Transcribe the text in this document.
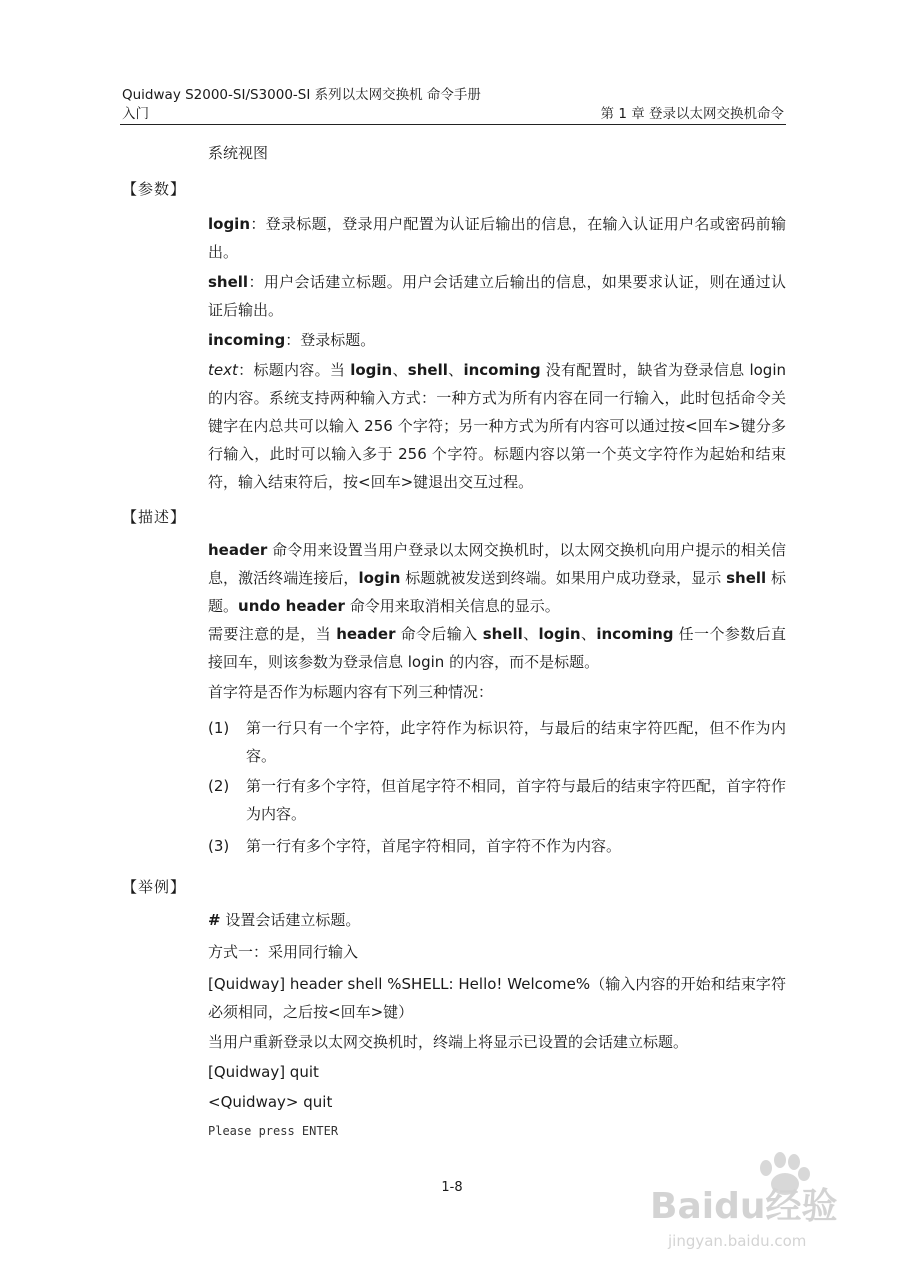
Quidway S2000-SI/S3000-SI 系列以太网交换机 命令手册
入门	第 1 章 登录以太网交换机命令
系统视图
【参数】
login：登录标题，登录用户配置为认证后输出的信息，在输入认证用户名或密码前输出。
shell：用户会话建立标题。用户会话建立后输出的信息，如果要求认证，则在通过认证后输出。
incoming：登录标题。
text：标题内容。当 login、shell、incoming 没有配置时，缺省为登录信息 login 的内容。系统支持两种输入方式：一种方式为所有内容在同一行输入，此时包括命令关键字在内总共可以输入 256 个字符；另一种方式为所有内容可以通过按<回车>键分多行输入，此时可以输入多于 256 个字符。标题内容以第一个英文字符作为起始和结束符，输入结束符后，按<回车>键退出交互过程。
【描述】
header 命令用来设置当用户登录以太网交换机时，以太网交换机向用户提示的相关信息，激活终端连接后，login 标题就被发送到终端。如果用户成功登录，显示 shell 标题。undo header 命令用来取消相关信息的显示。
需要注意的是，当 header 命令后输入 shell、login、incoming 任一个参数后直接回车，则该参数为登录信息 login 的内容，而不是标题。
首字符是否作为标题内容有下列三种情况：
(1) 第一行只有一个字符，此字符作为标识符，与最后的结束字符匹配，但不作为内容。
(2) 第一行有多个字符，但首尾字符不相同，首字符与最后的结束字符匹配，首字符作为内容。
(3) 第一行有多个字符，首尾字符相同，首字符不作为内容。
【举例】
# 设置会话建立标题。
方式一：采用同行输入
[Quidway] header shell %SHELL: Hello! Welcome%（输入内容的开始和结束字符必须相同，之后按<回车>键）
当用户重新登录以太网交换机时，终端上将显示已设置的会话建立标题。
[Quidway] quit
<Quidway> quit
Please press ENTER
1-8	Baidu经验
jingyan.baidu.com
